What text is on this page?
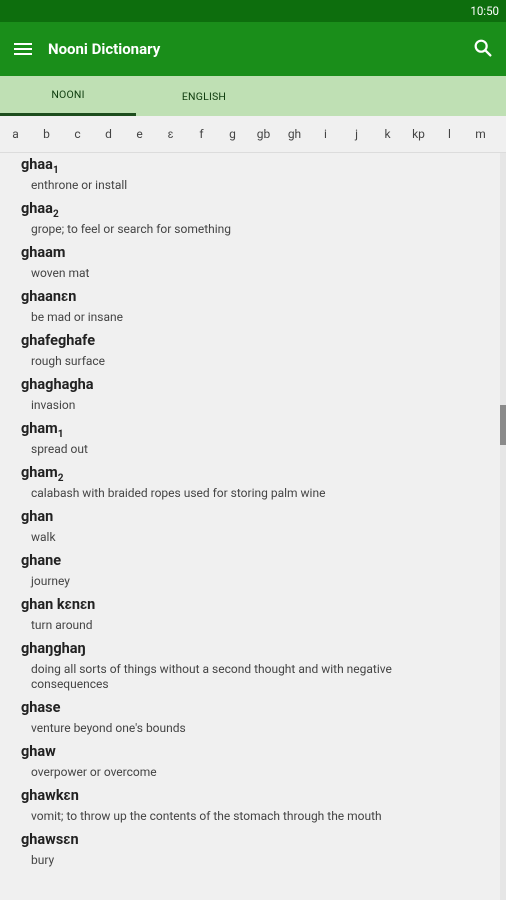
10:50
Nooni Dictionary
NOONI	ENGLISH
a	b	c	d	e	ɛ	f	g	gb	gh	i	j	k	kp	l	m
ghaa$_1$
enthrone or install
ghaa$_2$
grope; to feel or search for something
ghaam
woven mat
ghaanɛn
be mad or insane
ghafeghafe
rough surface
ghaghagha
invasion
gham$_1$
spread out
gham$_2$
calabash with braided ropes used for storing palm wine
ghan
walk
ghane
journey
ghan kɛnɛn
turn around
ghaŋghaŋ
doing all sorts of things without a second thought and with negative consequences
ghase
venture beyond one's bounds
ghaw
overpower or overcome
ghawkɛn
vomit; to throw up the contents of the stomach through the mouth
ghawsɛn
bury
